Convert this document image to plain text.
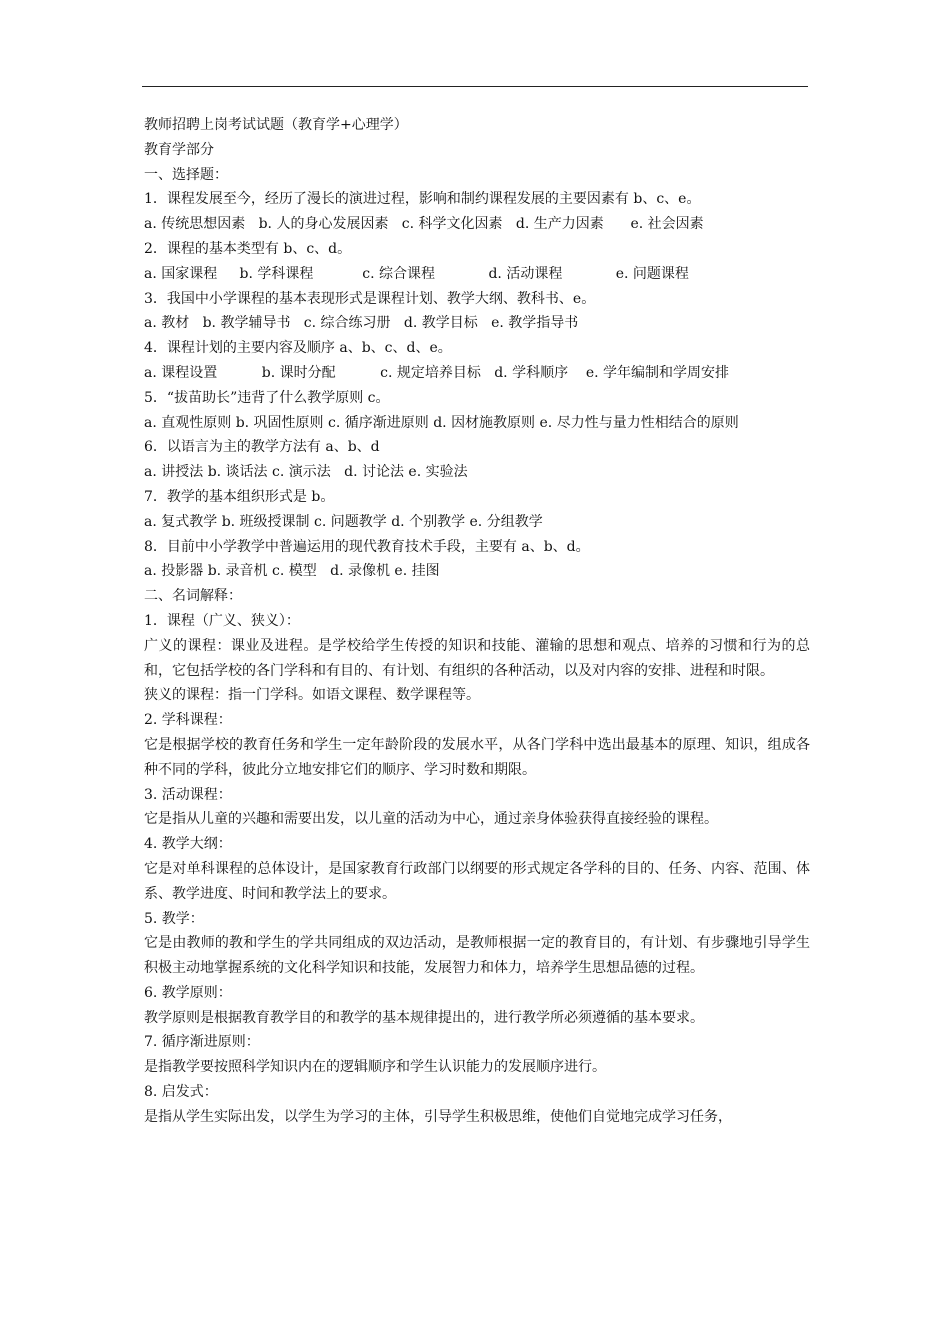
教师招聘上岗考试试题（教育学+心理学）
教育学部分
一、选择题：
1．课程发展至今，经历了漫长的演进过程，影响和制约课程发展的主要因素有 b、c、e。
a. 传统思想因素   b. 人的身心发展因素   c. 科学文化因素   d. 生产力因素      e. 社会因素
2．课程的基本类型有 b、c、d。
a. 国家课程     b. 学科课程           c. 综合课程            d. 活动课程            e. 问题课程
3．我国中小学课程的基本表现形式是课程计划、教学大纲、教科书、e。
a. 教材   b. 教学辅导书   c. 综合练习册   d. 教学目标   e. 教学指导书
4．课程计划的主要内容及顺序 a、b、c、d、e。
a. 课程设置          b. 课时分配          c. 规定培养目标   d. 学科顺序    e. 学年编制和学周安排
5．“拔苗助长”违背了什么教学原则 c。
a. 直观性原则 b. 巩固性原则 c. 循序渐进原则 d. 因材施教原则 e. 尽力性与量力性相结合的原则
6．以语言为主的教学方法有 a、b、d
a. 讲授法 b. 谈话法 c. 演示法   d. 讨论法 e. 实验法
7．教学的基本组织形式是 b。
a. 复式教学 b. 班级授课制 c. 问题教学 d. 个别教学 e. 分组教学
8．目前中小学教学中普遍运用的现代教育技术手段，主要有 a、b、d。
a. 投影器 b. 录音机 c. 模型   d. 录像机 e. 挂图
二、名词解释：
1．课程（广义、狭义）：
广义的课程：课业及进程。是学校给学生传授的知识和技能、灌输的思想和观点、培养的习惯和行为的总和，它包括学校的各门学科和有目的、有计划、有组织的各种活动，以及对内容的安排、进程和时限。
狭义的课程：指一门学科。如语文课程、数学课程等。
2. 学科课程：
它是根据学校的教育任务和学生一定年龄阶段的发展水平，从各门学科中选出最基本的原理、知识，组成各种不同的学科，彼此分立地安排它们的顺序、学习时数和期限。
3. 活动课程：
它是指从儿童的兴趣和需要出发，以儿童的活动为中心，通过亲身体验获得直接经验的课程。
4. 教学大纲：
它是对单科课程的总体设计，是国家教育行政部门以纲要的形式规定各学科的目的、任务、内容、范围、体系、教学进度、时间和教学法上的要求。
5. 教学：
它是由教师的教和学生的学共同组成的双边活动，是教师根据一定的教育目的，有计划、有步骤地引导学生积极主动地掌握系统的文化科学知识和技能，发展智力和体力，培养学生思想品德的过程。
6. 教学原则：
教学原则是根据教育教学目的和教学的基本规律提出的，进行教学所必须遵循的基本要求。
7. 循序渐进原则：
是指教学要按照科学知识内在的逻辑顺序和学生认识能力的发展顺序进行。
8. 启发式：
是指从学生实际出发，以学生为学习的主体，引导学生积极思维，使他们自觉地完成学习任务，
